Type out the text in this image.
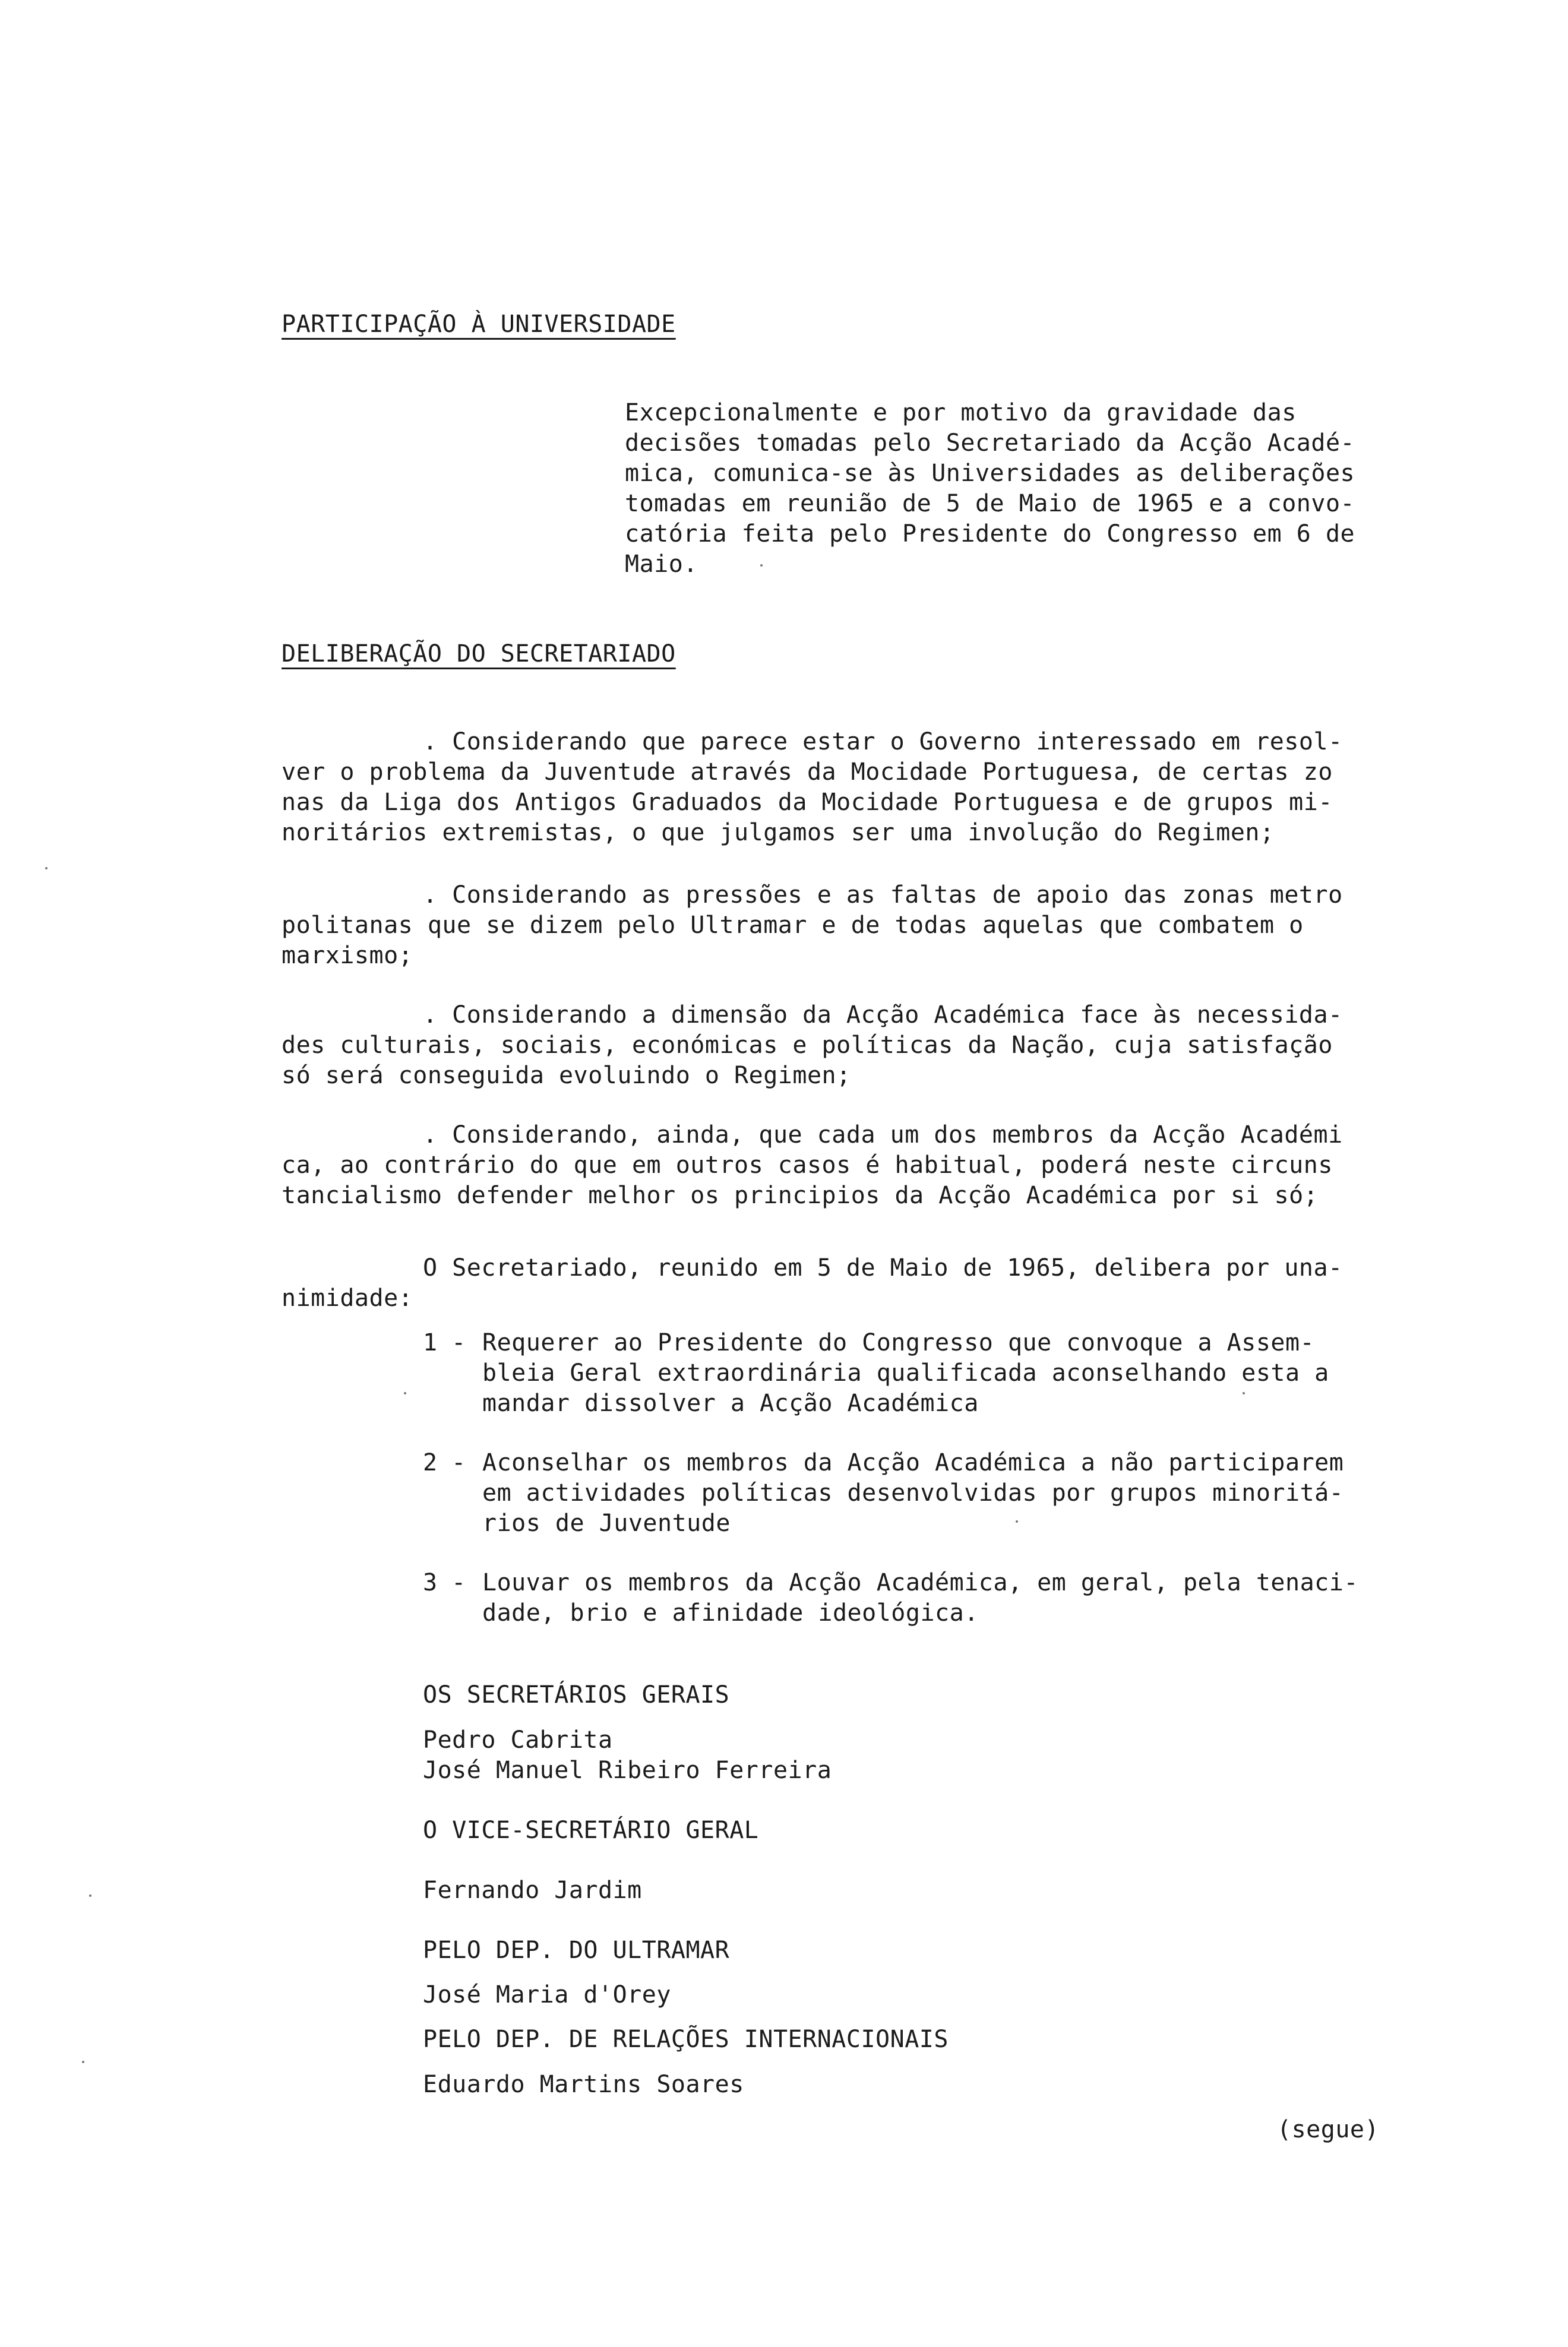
PARTICIPAÇÃO À UNIVERSIDADE
Excepcionalmente e por motivo da gravidade das
decisões tomadas pelo Secretariado da Acção Acadé-
mica, comunica-se às Universidades as deliberações
tomadas em reunião de 5 de Maio de 1965 e a convo-
catória feita pelo Presidente do Congresso em 6 de
Maio.
DELIBERAÇÃO DO SECRETARIADO
. Considerando que parece estar o Governo interessado em resol-
ver o problema da Juventude através da Mocidade Portuguesa, de certas zo
nas da Liga dos Antigos Graduados da Mocidade Portuguesa e de grupos mi-
noritários extremistas, o que julgamos ser uma involução do Regimen;
. Considerando as pressões e as faltas de apoio das zonas metro
politanas que se dizem pelo Ultramar e de todas aquelas que combatem o
marxismo;
. Considerando a dimensão da Acção Académica face às necessida-
des culturais, sociais, económicas e políticas da Nação, cuja satisfação
só será conseguida evoluindo o Regimen;
. Considerando, ainda, que cada um dos membros da Acção Académi
ca, ao contrário do que em outros casos é habitual, poderá neste circuns
tancialismo defender melhor os principios da Acção Académica por si só;
O Secretariado, reunido em 5 de Maio de 1965, delibera por una-
nimidade:
1 - Requerer ao Presidente do Congresso que convoque a Assem-
bleia Geral extraordinária qualificada aconselhando esta a
mandar dissolver a Acção Académica
2 - Aconselhar os membros da Acção Académica a não participarem
em actividades políticas desenvolvidas por grupos minoritá-
rios de Juventude
3 - Louvar os membros da Acção Académica, em geral, pela tenaci-
dade, brio e afinidade ideológica.
OS SECRETÁRIOS GERAIS
Pedro Cabrita
José Manuel Ribeiro Ferreira
O VICE-SECRETÁRIO GERAL
Fernando Jardim
PELO DEP. DO ULTRAMAR
José Maria d'Orey
PELO DEP. DE RELAÇÕES INTERNACIONAIS
Eduardo Martins Soares
(segue)
